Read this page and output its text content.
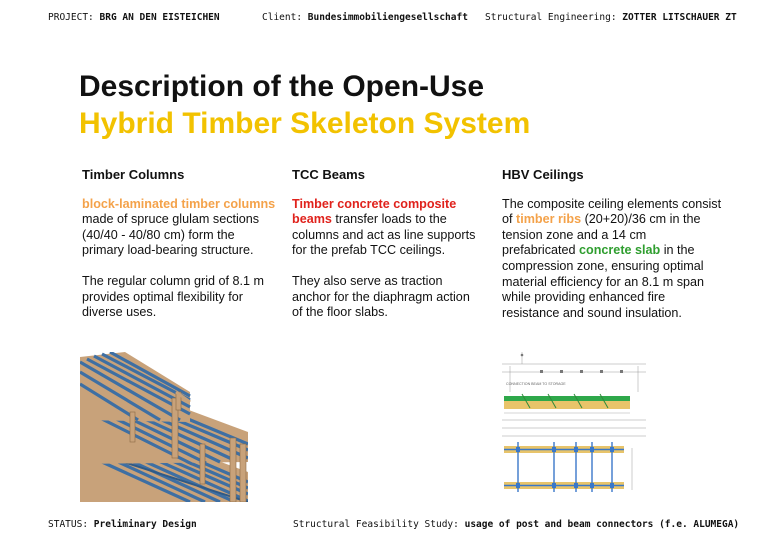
PROJECT: BRG AN DEN EISTEICHEN	Client: Bundesimmobiliengesellschaft Structural Engineering: ZOTTER LITSCHAUER ZT
Description of the Open-Use
Hybrid Timber Skeleton System
Timber Columns

block-laminated timber columns made of spruce glulam sections (40/40 - 40/80 cm) form the primary load-bearing structure.

The regular column grid of 8.1 m provides optimal flexibility for diverse uses.

TCC Beams

Timber concrete composite beams transfer loads to the columns and act as line supports for the prefab TCC ceilings.

They also serve as traction anchor for the diaphragm action of the floor slabs.

HBV Ceilings

The composite ceiling elements consist of timber ribs (20+20)/36 cm in the tension zone and a 14 cm prefabricated concrete slab in the compression zone, ensuring optimal material efficiency for an 8.1 m span while providing enhanced fire resistance and sound insulation.

CONNECTION BEAM TO STORAGE
STATUS: Preliminary Design	Structural Feasibility Study: usage of post and beam connectors (f.e. ALUMEGA)
